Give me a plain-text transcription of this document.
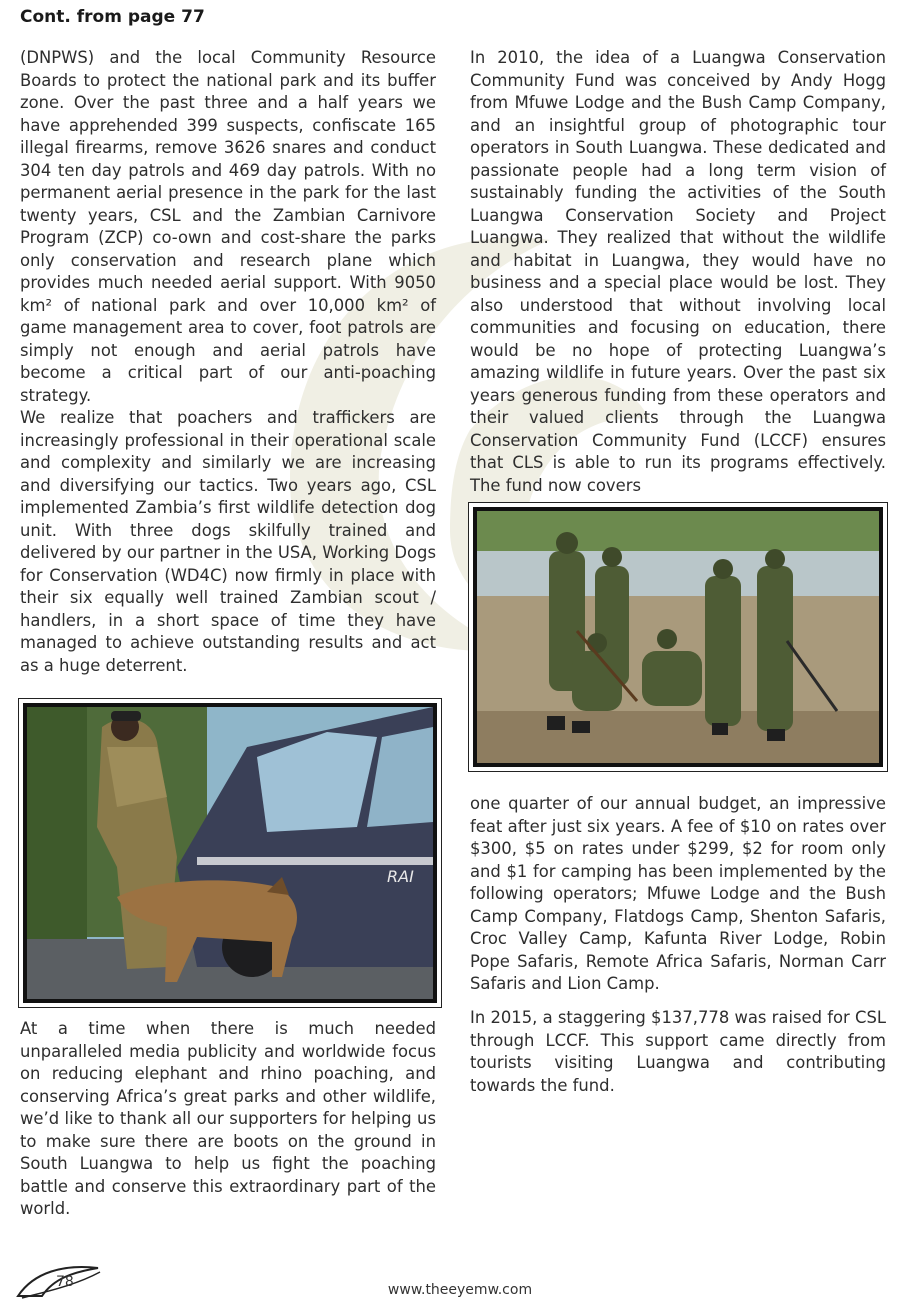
Cont. from page 77

(DNPWS) and the local Community Resource Boards to protect the national park and its buffer zone. Over the past three and a half years we have apprehended 399 suspects, confiscate 165 illegal firearms, remove 3626 snares and conduct 304 ten day patrols and 469 day patrols. With no permanent aerial presence in the park for the last twenty years, CSL and the Zambian Carnivore Program (ZCP) co-own and cost-share the parks only conservation and research plane which provides much needed aerial support. With 9050 km² of national park and over 10,000 km² of game management area to cover, foot patrols are simply not enough and aerial patrols have become a critical part of our anti-poaching strategy.

We realize that poachers and traffickers are increasingly professional in their operational scale and complexity and similarly we are increasing and diversifying our tactics. Two years ago, CSL implemented Zambia’s first wildlife detection dog unit. With three dogs skilfully trained and delivered by our partner in the USA, Working Dogs for Conservation (WD4C) now firmly in place with their six equally well trained Zambian scout / handlers, in a short space of time they have managed to achieve outstanding results and act as a huge deterrent.

RAI

At a time when there is much needed unparalleled media publicity and worldwide focus on reducing elephant and rhino poaching, and conserving Africa’s great parks and other wildlife, we’d like to thank all our supporters for helping us to make sure there are boots on the ground in South Luangwa to help us fight the poaching battle and conserve this extraordinary part of the world.

In 2010, the idea of a Luangwa Conservation Community Fund was conceived by Andy Hogg from Mfuwe Lodge and the Bush Camp Company, and an insightful group of photographic tour operators in South Luangwa. These dedicated and passionate people had a long term vision of sustainably funding the activities of the South Luangwa Conservation Society and Project Luangwa. They realized that without the wildlife and habitat in Luangwa, they would have no business and a special place would be lost. They also understood that without involving local communities and focusing on education, there would be no hope of protecting Luangwa’s amazing wildlife in future years. Over the past six years generous funding from these operators and their valued clients through the Luangwa Conservation Community Fund (LCCF) ensures that CLS is able to run its programs effectively. The fund now covers

one quarter of our annual budget, an impressive feat after just six years. A fee of $10 on rates over $300, $5 on rates under $299, $2 for room only and $1 for camping has been implemented by the following operators; Mfuwe Lodge and the Bush Camp Company, Flatdogs Camp, Shenton Safaris, Croc Valley Camp, Kafunta River Lodge, Robin Pope Safaris, Remote Africa Safaris, Norman Carr Safaris and Lion Camp.

In 2015, a staggering $137,778 was raised for CSL through LCCF. This support came directly from tourists visiting Luangwa and contributing towards the fund.

78	www.theeyemw.com
